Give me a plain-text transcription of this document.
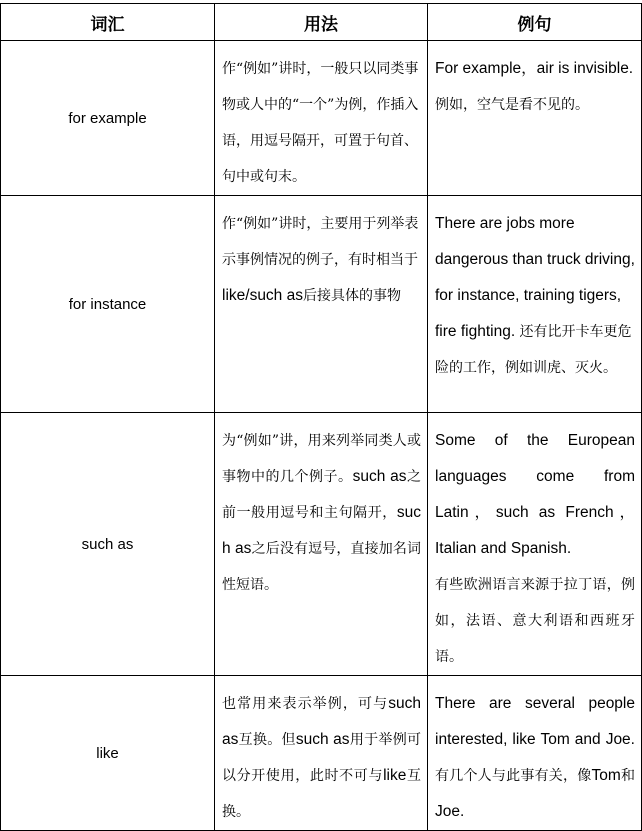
词汇	用法	例句
for example	作“例如”讲时，一般只以同类事物或人中的“一个”为例，作插入语，用逗号隔开，可置于句首、句中或句末。	For example，air is invisible.
例如，空气是看不见的。

for instance	作“例如”讲时，主要用于列举表示事例情况的例子，有时相当于like/such as后接具体的事物	There are jobs more dangerous than truck driving, for instance, training tigers, fire fighting. 还有比开卡车更危险的工作，例如训虎、灭火。

such as	为“例如”讲，用来列举同类人或事物中的几个例子。such as之前一般用逗号和主句隔开，such as之后没有逗号，直接加名词性短语。	Some of the European languages come from Latin，such as French，Italian and Spanish.
有些欧洲语言来源于拉丁语，例如，法语、意大利语和西班牙语。

like	也常用来表示举例，可与such as互换。但such as用于举例可以分开使用，此时不可与like互换。	There are several people interested, like Tom and Joe. 有几个人与此事有关，像Tom和Joe.
